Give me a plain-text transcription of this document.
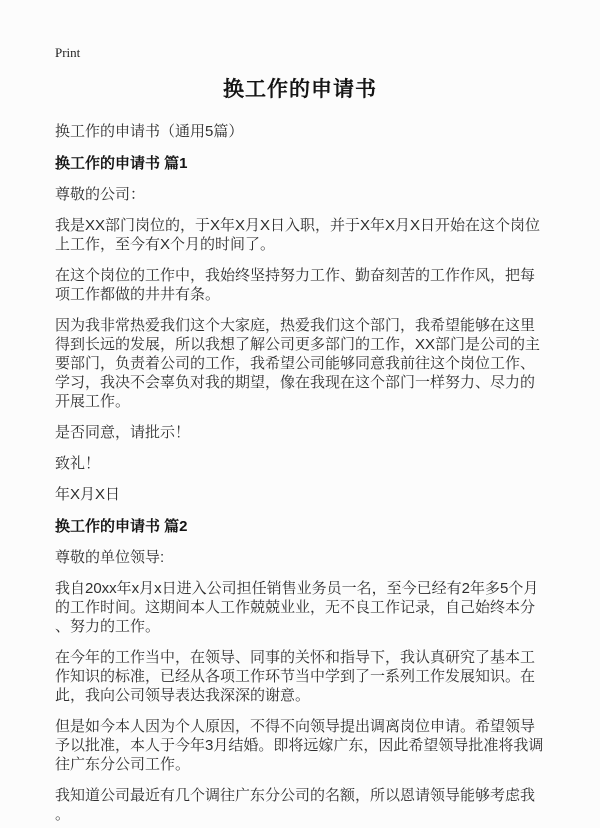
Print
换工作的申请书
换工作的申请书（通用5篇）
换工作的申请书 篇1

尊敬的公司：

我是XX部门岗位的，于X年X月X日入职，并于X年X月X日开始在这个岗位上工作，至今有X个月的时间了。

在这个岗位的工作中，我始终坚持努力工作、勤奋刻苦的工作作风，把每项工作都做的井井有条。

因为我非常热爱我们这个大家庭，热爱我们这个部门，我希望能够在这里得到长远的发展，所以我想了解公司更多部门的工作，XX部门是公司的主要部门，负责着公司的工作，我希望公司能够同意我前往这个岗位工作、学习，我决不会辜负对我的期望，像在我现在这个部门一样努力、尽力的开展工作。

是否同意，请批示！

致礼！

年X月X日

换工作的申请书 篇2

尊敬的单位领导:

我自20xx年x月x日进入公司担任销售业务员一名，至今已经有2年多5个月的工作时间。这期间本人工作兢兢业业，无不良工作记录，自己始终本分、努力的工作。

在今年的工作当中，在领导、同事的关怀和指导下，我认真研究了基本工作知识的标准，已经从各项工作环节当中学到了一系列工作发展知识。在此，我向公司领导表达我深深的谢意。

但是如今本人因为个人原因，不得不向领导提出调离岗位申请。希望领导予以批准，本人于今年3月结婚。即将远嫁广东，因此希望领导批准将我调往广东分公司工作。

我知道公司最近有几个调往广东分公司的名额，所以恩请领导能够考虑我。
